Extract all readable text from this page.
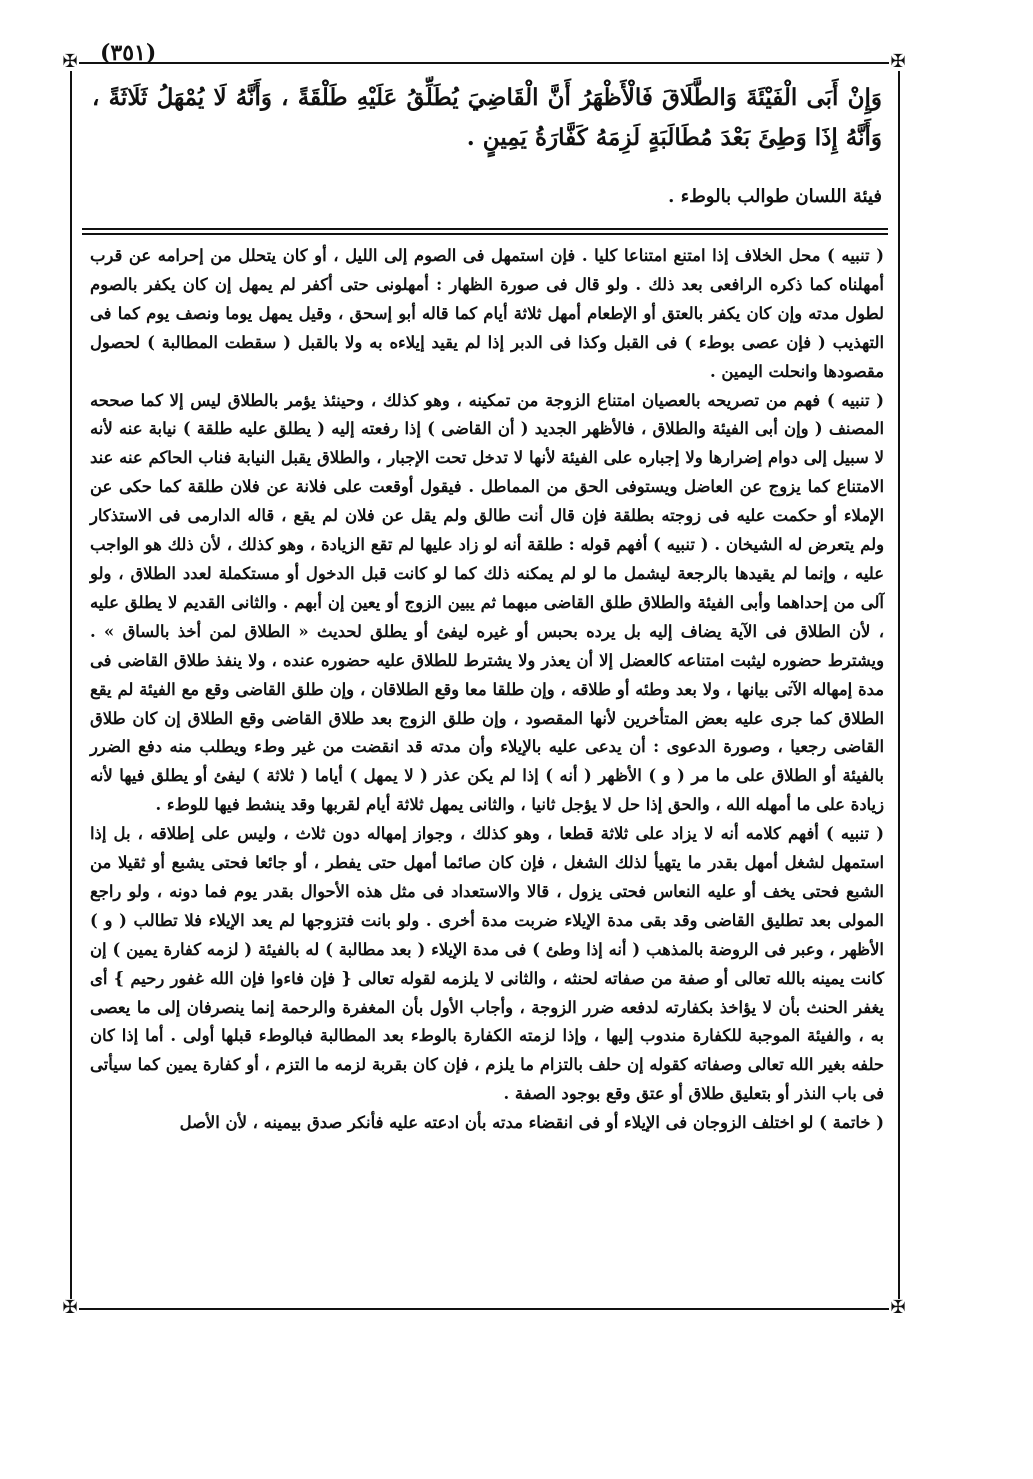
(٣٥١)
✠	✠
✠	✠
وَإِنْ أَبَى الْفَيْئَةَ وَالطَّلَاقَ فَالْأَظْهَرُ أَنَّ الْقَاضِيَ يُطَلِّقُ عَلَيْهِ طَلْقَةً ، وَأَنَّهُ لَا يُمْهَلُ ثَلَاثَةً ، وَأَنَّهُ إِذَا وَطِئَ بَعْدَ مُطَالَبَةٍ لَزِمَهُ كَفَّارَةُ يَمِينٍ .
فيئة اللسان طوالب بالوطء .

( تنبيه ) محل الخلاف إذا امتنع امتناعا كليا . فإن استمهل فى الصوم إلى الليل ، أو كان يتحلل من إحرامه عن قرب أمهلناه كما ذكره الرافعى بعد ذلك . ولو قال فى صورة الظهار : أمهلونى حتى أكفر لم يمهل إن كان يكفر بالصوم لطول مدته وإن كان يكفر بالعتق أو الإطعام أمهل ثلاثة أيام كما قاله أبو إسحق ، وقيل يمهل يوما ونصف يوم كما فى التهذيب ( فإن عصى بوطء ) فى القبل وكذا فى الدبر إذا لم يقيد إيلاءه به ولا بالقبل ( سقطت المطالبة ) لحصول مقصودها وانحلت اليمين .

( تنبيه ) فهم من تصريحه بالعصيان امتناع الزوجة من تمكينه ، وهو كذلك ، وحينئذ يؤمر بالطلاق ليس إلا كما صححه المصنف ( وإن أبى الفيئة والطلاق ، فالأظهر الجديد ( أن القاضى ) إذا رفعته إليه ( يطلق عليه طلقة ) نيابة عنه لأنه لا سبيل إلى دوام إضرارها ولا إجباره على الفيئة لأنها لا تدخل تحت الإجبار ، والطلاق يقبل النيابة فناب الحاكم عنه عند الامتناع كما يزوج عن العاضل ويستوفى الحق من المماطل . فيقول أوقعت على فلانة عن فلان طلقة كما حكى عن الإملاء أو حكمت عليه فى زوجته بطلقة فإن قال أنت طالق ولم يقل عن فلان لم يقع ، قاله الدارمى فى الاستذكار ولم يتعرض له الشيخان . ( تنبيه ) أفهم قوله : طلقة أنه لو زاد عليها لم تقع الزيادة ، وهو كذلك ، لأن ذلك هو الواجب عليه ، وإنما لم يقيدها بالرجعة ليشمل ما لو لم يمكنه ذلك كما لو كانت قبل الدخول أو مستكملة لعدد الطلاق ، ولو آلى من إحداهما وأبى الفيئة والطلاق طلق القاضى مبهما ثم يبين الزوج أو يعين إن أبهم . والثانى القديم لا يطلق عليه ، لأن الطلاق فى الآية يضاف إليه بل يرده بحبس أو غيره ليفئ أو يطلق لحديث « الطلاق لمن أخذ بالساق » . ويشترط حضوره ليثبت امتناعه كالعضل إلا أن يعذر ولا يشترط للطلاق عليه حضوره عنده ، ولا ينفذ طلاق القاضى فى مدة إمهاله الآتى بيانها ، ولا بعد وطئه أو طلاقه ، وإن طلقا معا وقع الطلاقان ، وإن طلق القاضى وقع مع الفيئة لم يقع الطلاق كما جرى عليه بعض المتأخرين لأنها المقصود ، وإن طلق الزوج بعد طلاق القاضى وقع الطلاق إن كان طلاق القاضى رجعيا ، وصورة الدعوى : أن يدعى عليه بالإيلاء وأن مدته قد انقضت من غير وطء ويطلب منه دفع الضرر بالفيئة أو الطلاق على ما مر ( و ) الأظهر ( أنه ) إذا لم يكن عذر ( لا يمهل ) أياما ( ثلاثة ) ليفئ أو يطلق فيها لأنه زيادة على ما أمهله الله ، والحق إذا حل لا يؤجل ثانيا ، والثانى يمهل ثلاثة أيام لقربها وقد ينشط فيها للوطء .

( تنبيه ) أفهم كلامه أنه لا يزاد على ثلاثة قطعا ، وهو كذلك ، وجواز إمهاله دون ثلاث ، وليس على إطلاقه ، بل إذا استمهل لشغل أمهل بقدر ما يتهيأ لذلك الشغل ، فإن كان صائما أمهل حتى يفطر ، أو جائعا فحتى يشبع أو ثقيلا من الشبع فحتى يخف أو عليه النعاس فحتى يزول ، قالا والاستعداد فى مثل هذه الأحوال بقدر يوم فما دونه ، ولو راجع المولى بعد تطليق القاضى وقد بقى مدة الإيلاء ضربت مدة أخرى . ولو بانت فتزوجها لم يعد الإيلاء فلا تطالب ( و ) الأظهر ، وعبر فى الروضة بالمذهب ( أنه إذا وطئ ) فى مدة الإيلاء ( بعد مطالبة ) له بالفيئة ( لزمه كفارة يمين ) إن كانت يمينه بالله تعالى أو صفة من صفاته لحنثه ، والثانى لا يلزمه لقوله تعالى { فإن فاءوا فإن الله غفور رحيم } أى يغفر الحنث بأن لا يؤاخذ بكفارته لدفعه ضرر الزوجة ، وأجاب الأول بأن المغفرة والرحمة إنما ينصرفان إلى ما يعصى به ، والفيئة الموجبة للكفارة مندوب إليها ، وإذا لزمته الكفارة بالوطء بعد المطالبة فبالوطء قبلها أولى . أما إذا كان حلفه بغير الله تعالى وصفاته كقوله إن حلف بالتزام ما يلزم ، فإن كان بقربة لزمه ما التزم ، أو كفارة يمين كما سيأتى فى باب النذر أو بتعليق طلاق أو عتق وقع بوجود الصفة .

( خاتمة ) لو اختلف الزوجان فى الإيلاء أو فى انقضاء مدته بأن ادعته عليه فأنكر صدق بيمينه ، لأن الأصل
